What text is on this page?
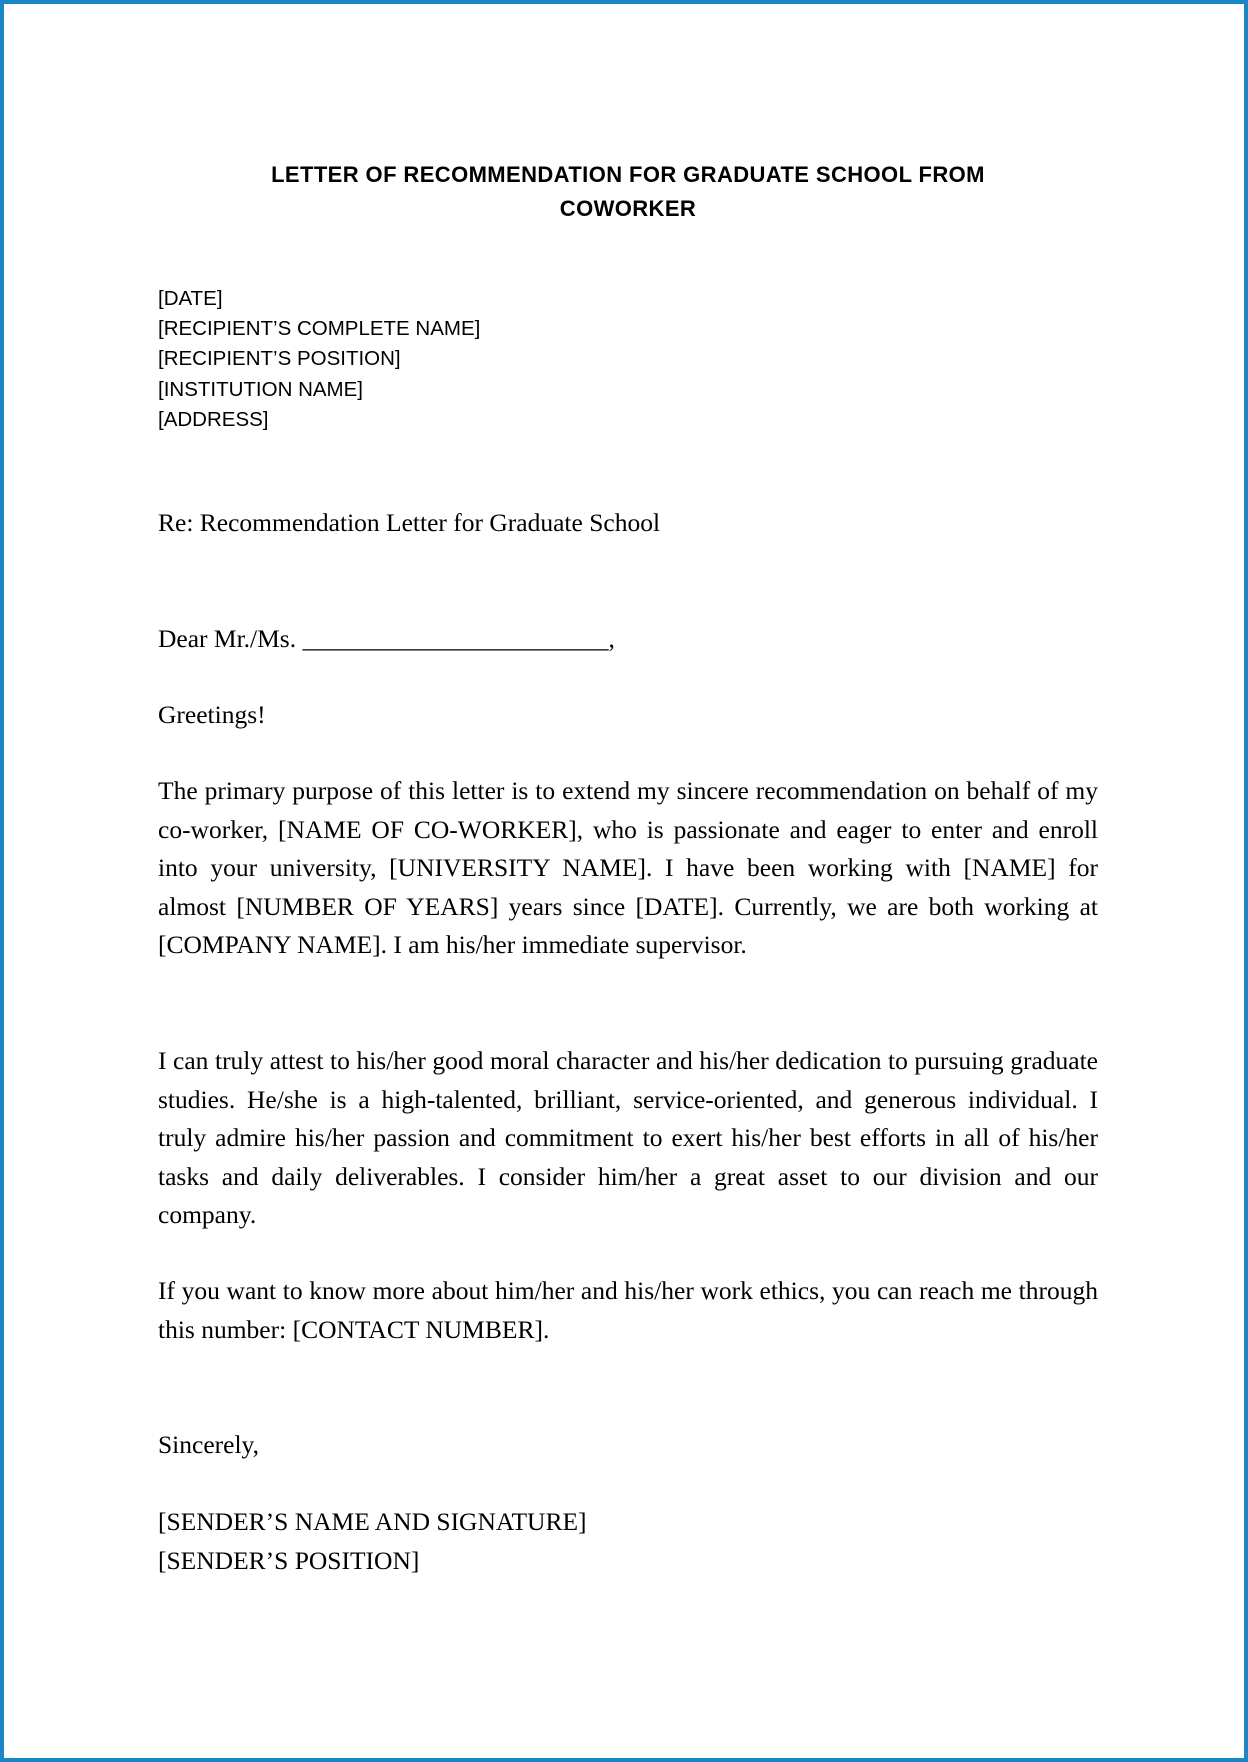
LETTER OF RECOMMENDATION FOR GRADUATE SCHOOL FROM
COWORKER
[DATE]
[RECIPIENT’S COMPLETE NAME]
[RECIPIENT’S POSITION]
[INSTITUTION NAME]
[ADDRESS]
Re: Recommendation Letter for Graduate School
Dear Mr./Ms. ________________________,
Greetings!

The primary purpose of this letter is to extend my sincere recommendation on behalf of my co-worker, [NAME OF CO-WORKER], who is passionate and eager to enter and enroll into your university, [UNIVERSITY NAME]. I have been working with [NAME] for almost [NUMBER OF YEARS] years since [DATE]. Currently, we are both working at [COMPANY NAME]. I am his/her immediate supervisor.

I can truly attest to his/her good moral character and his/her dedication to pursuing graduate studies. He/she is a high-talented, brilliant, service-oriented, and generous individual. I truly admire his/her passion and commitment to exert his/her best efforts in all of his/her tasks and daily deliverables. I consider him/her a great asset to our division and our company.

If you want to know more about him/her and his/her work ethics, you can reach me through this number: [CONTACT NUMBER].

Sincerely,
[SENDER’S NAME AND SIGNATURE]
[SENDER’S POSITION]
